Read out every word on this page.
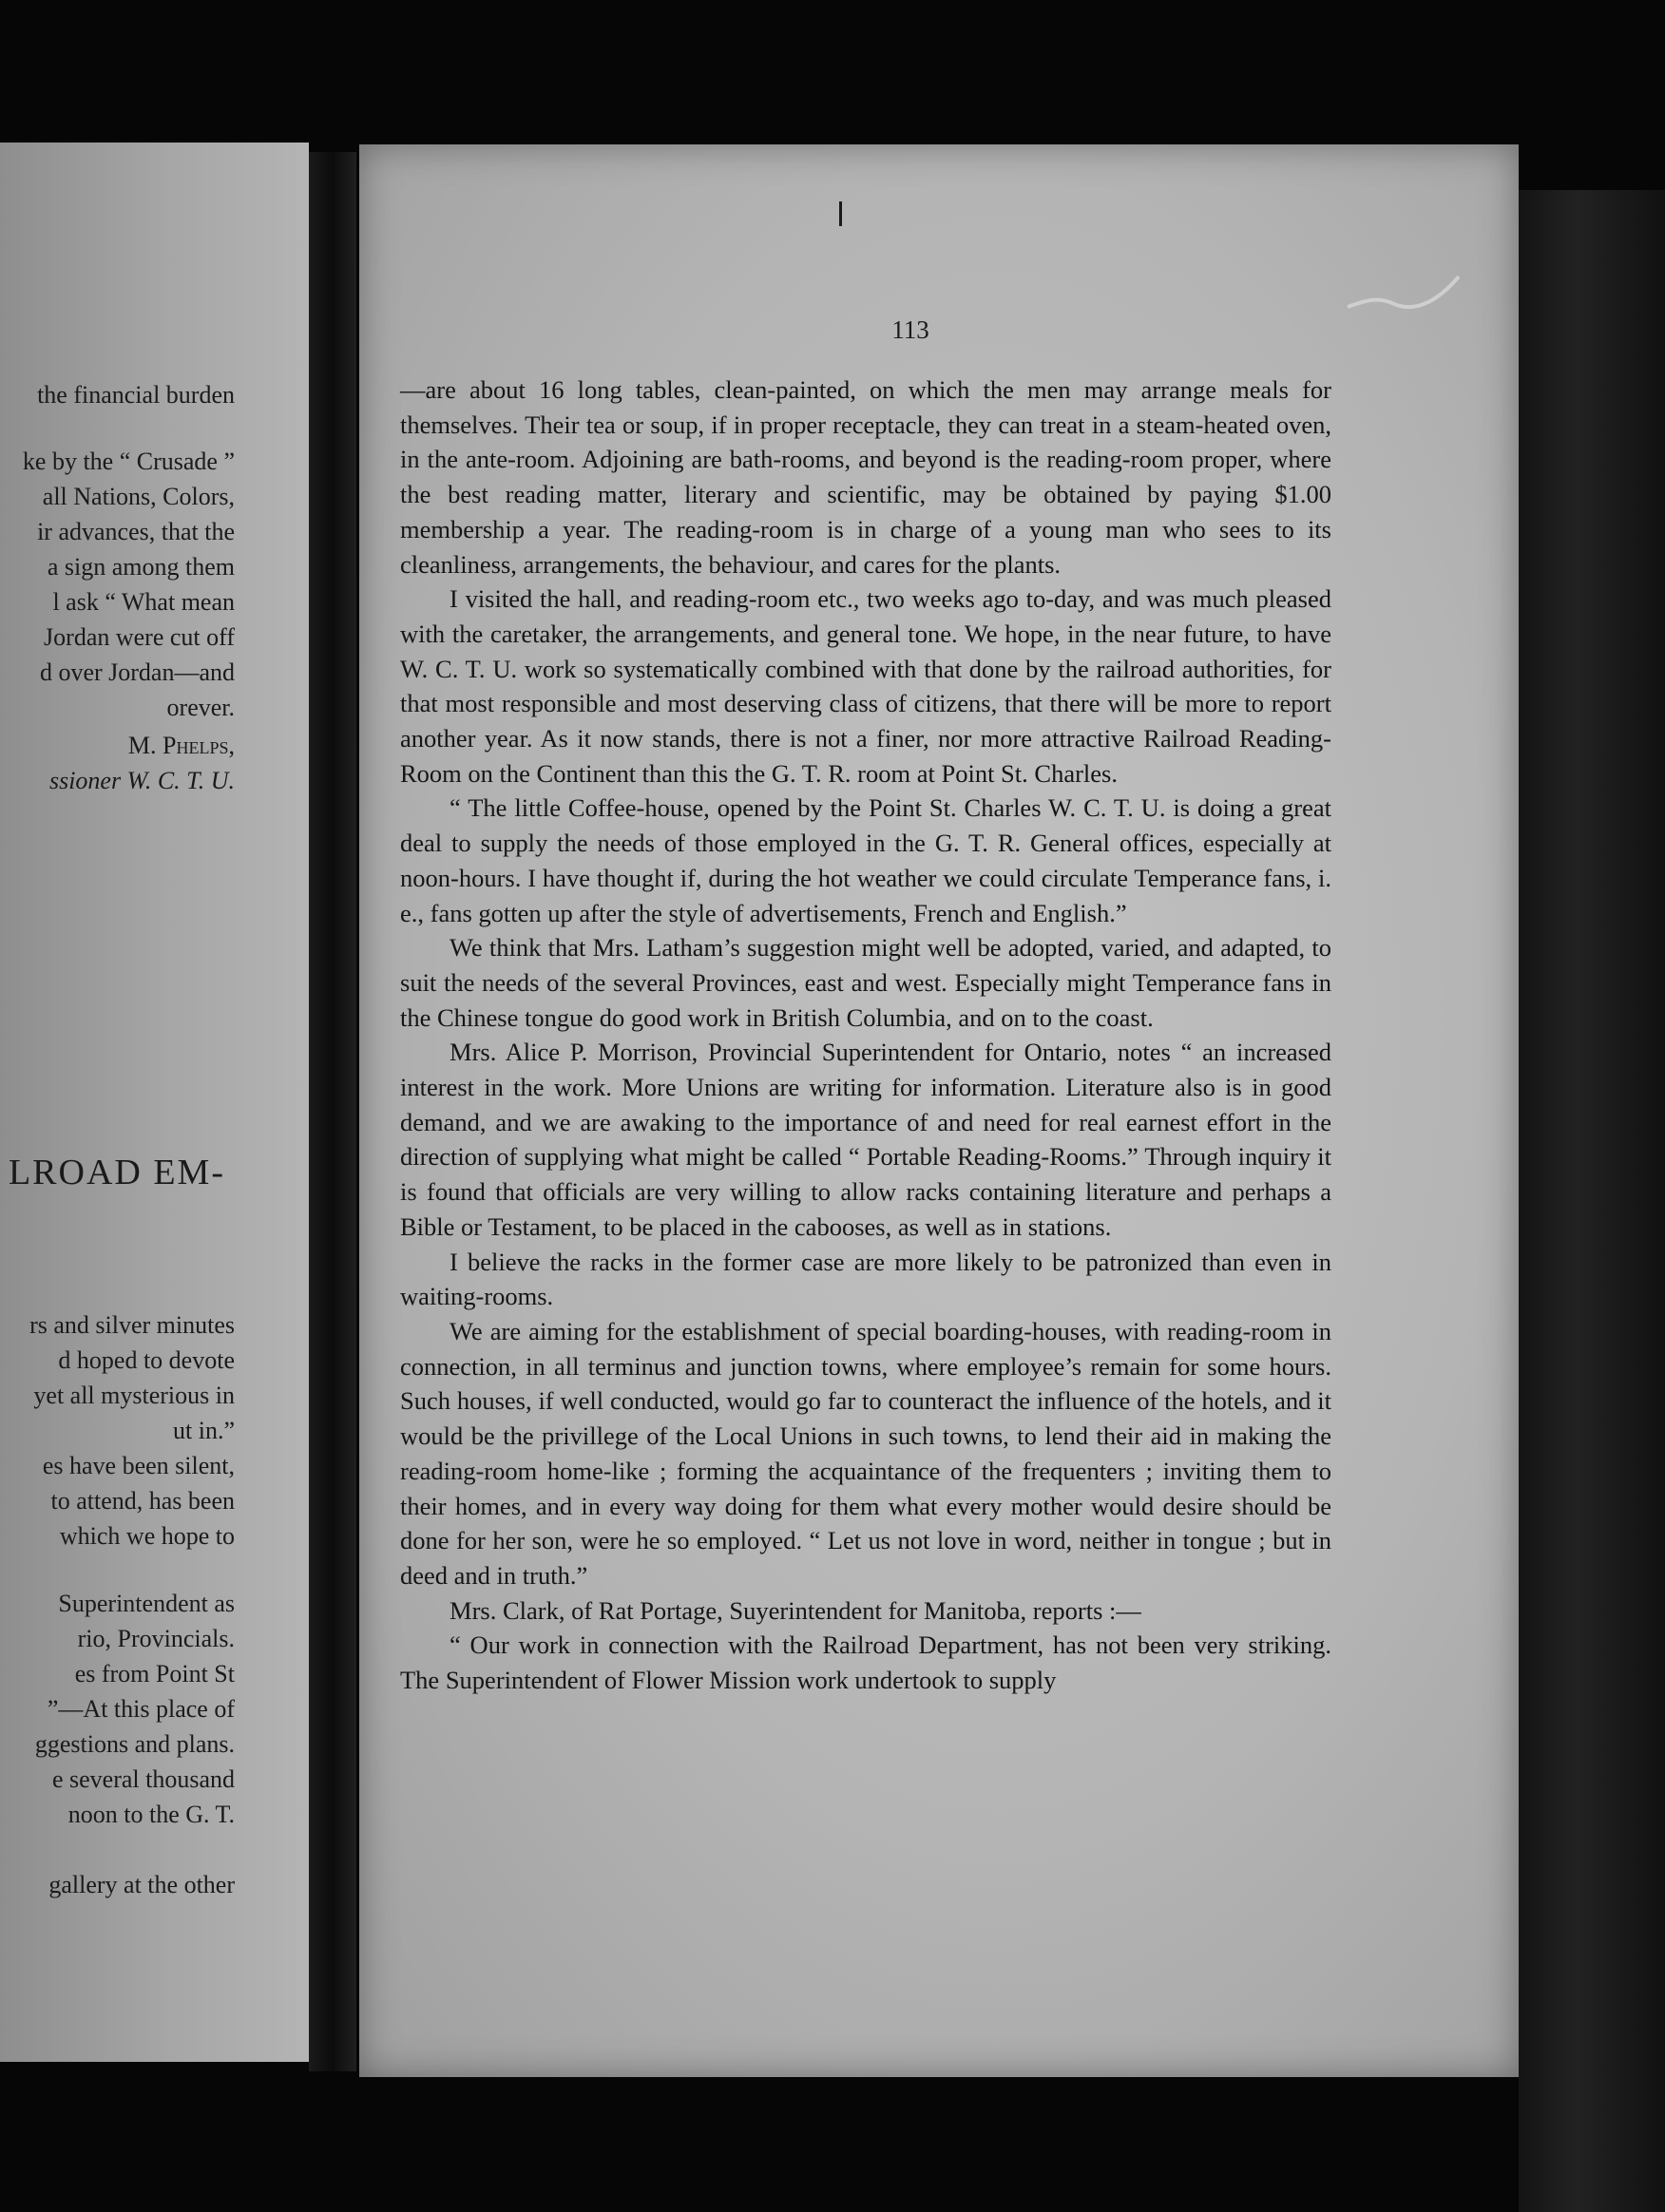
the financial burden
ke by the “ Crusade ”
all Nations, Colors,
ir advances, that the
a sign among them
l ask “ What mean
Jordan were cut off
d over Jordan—and
orever.
M. Phelps,
ssioner W. C. T. U.
LROAD EM-
rs and silver minutes
d hoped to devote
yet all mysterious in
ut in.”
es have been silent,
to attend, has been
which we hope to
Superintendent as
rio, Provincials.
es from Point St
”—At this place of
ggestions and plans.
e several thousand
noon to the G. T.
gallery at the other
113

—are about 16 long tables, clean-painted, on which the men may arrange meals for themselves. Their tea or soup, if in proper receptacle, they can treat in a steam-heated oven, in the ante-room. Adjoining are bath-rooms, and beyond is the reading-room proper, where the best reading matter, literary and scientific, may be obtained by paying $1.00 membership a year. The reading-room is in charge of a young man who sees to its cleanliness, arrangements, the behaviour, and cares for the plants.

I visited the hall, and reading-room etc., two weeks ago to-day, and was much pleased with the caretaker, the arrangements, and general tone. We hope, in the near future, to have W. C. T. U. work so systematically combined with that done by the railroad authorities, for that most responsible and most deserving class of citizens, that there will be more to report another year. As it now stands, there is not a finer, nor more attractive Railroad Reading-Room on the Continent than this the G. T. R. room at Point St. Charles.

“ The little Coffee-house, opened by the Point St. Charles W. C. T. U. is doing a great deal to supply the needs of those employed in the G. T. R. General offices, especially at noon-hours. I have thought if, during the hot weather we could circulate Temperance fans, i. e., fans gotten up after the style of advertisements, French and English.”

We think that Mrs. Latham’s suggestion might well be adopted, varied, and adapted, to suit the needs of the several Provinces, east and west. Especially might Temperance fans in the Chinese tongue do good work in British Columbia, and on to the coast.

Mrs. Alice P. Morrison, Provincial Superintendent for Ontario, notes “ an increased interest in the work. More Unions are writing for information. Literature also is in good demand, and we are awaking to the importance of and need for real earnest effort in the direction of supplying what might be called “ Portable Reading-Rooms.” Through inquiry it is found that officials are very willing to allow racks containing literature and perhaps a Bible or Testament, to be placed in the cabooses, as well as in stations.

I believe the racks in the former case are more likely to be patronized than even in waiting-rooms.

We are aiming for the establishment of special boarding-houses, with reading-room in connection, in all terminus and junction towns, where employee’s remain for some hours. Such houses, if well conducted, would go far to counteract the influence of the hotels, and it would be the privillege of the Local Unions in such towns, to lend their aid in making the reading-room home-like ; forming the acquaintance of the frequenters ; inviting them to their homes, and in every way doing for them what every mother would desire should be done for her son, were he so employed. “ Let us not love in word, neither in tongue ; but in deed and in truth.”

Mrs. Clark, of Rat Portage, Suyerintendent for Manitoba, reports :—

“ Our work in connection with the Railroad Department, has not been very striking. The Superintendent of Flower Mission work undertook to supply
